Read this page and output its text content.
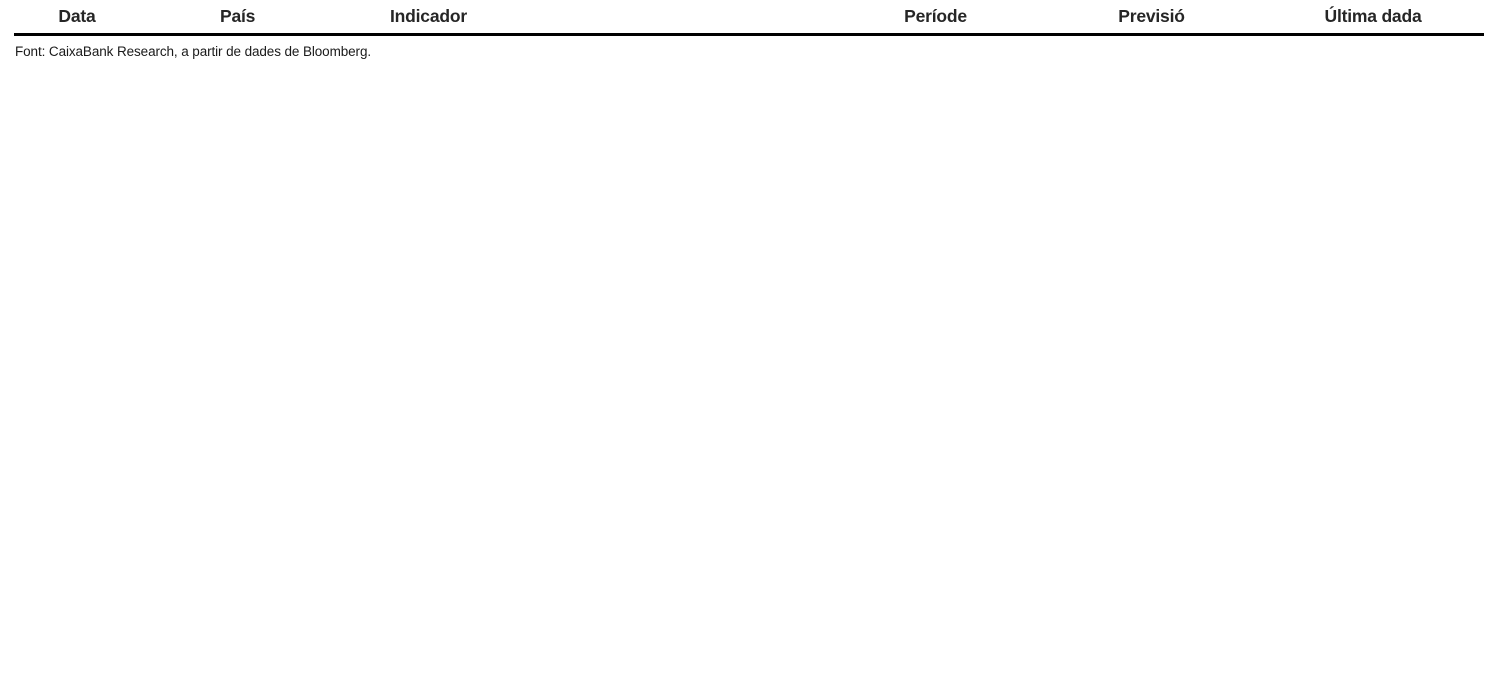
Data		País	Indicador	Període	Previsió	Última dada
Font: CaixaBank Research, a partir de dades de Bloomberg.
